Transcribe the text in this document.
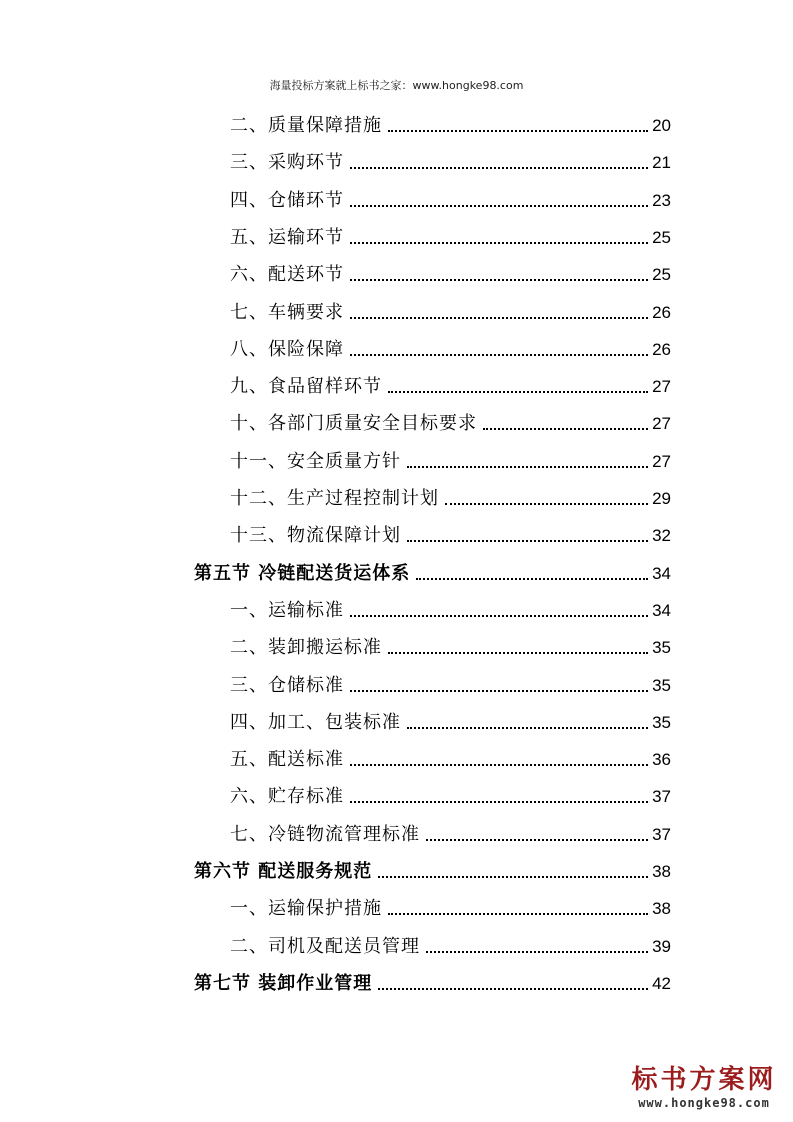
海量投标方案就上标书之家：www.hongke98.com
二、质量保障措施	20
三、采购环节	21
四、仓储环节	23
五、运输环节	25
六、配送环节	25
七、车辆要求	26
八、保险保障	26
九、食品留样环节	27
十、各部门质量安全目标要求	27
十一、安全质量方针	27
十二、生产过程控制计划	29
十三、物流保障计划	32
第五节 冷链配送货运体系	34
一、运输标准	34
二、装卸搬运标准	35
三、仓储标准	35
四、加工、包装标准	35
五、配送标准	36
六、贮存标准	37
七、冷链物流管理标准	37
第六节 配送服务规范	38
一、运输保护措施	38
二、司机及配送员管理	39
第七节 装卸作业管理	42
标书方案网
www.hongke98.com
